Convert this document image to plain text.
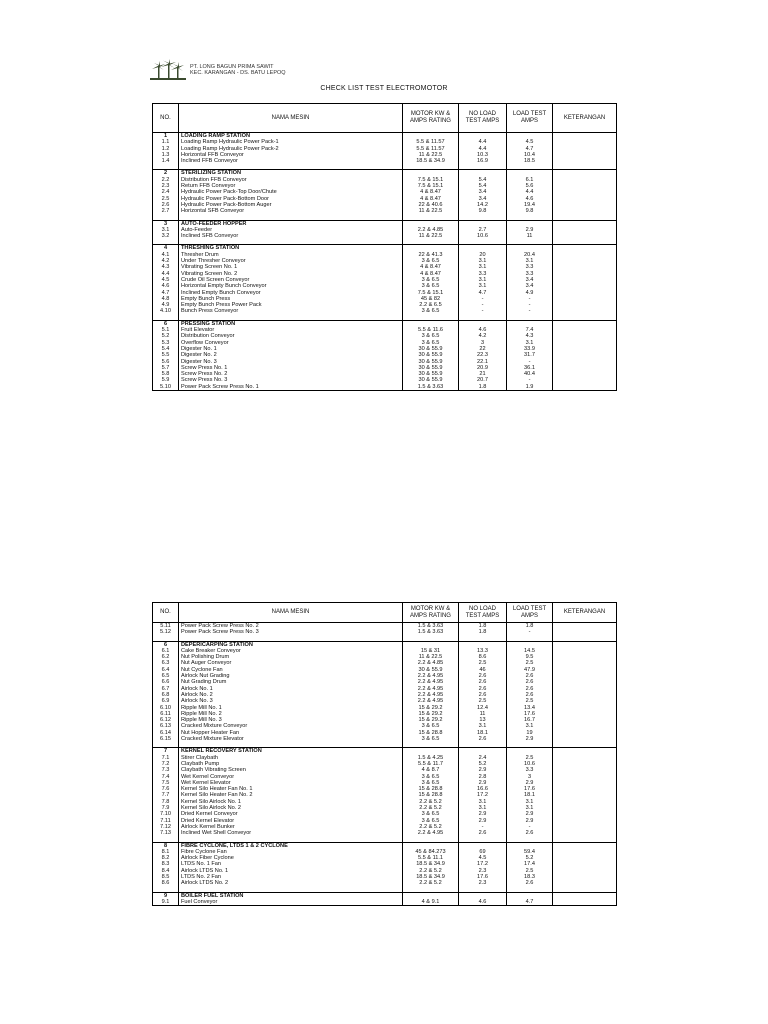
PT. LONG BAGUN PRIMA SAWIT
KEC. KARANGAN - DS. BATU LEPOQ
CHECK LIST TEST ELECTROMOTOR
NO.	NAMA MESIN	MOTOR KW & AMPS RATING	NO LOAD TEST AMPS	LOAD TEST AMPS	KETERANGAN
1	LOADING RAMP STATION				
1.1	Loading Ramp Hydraulic Power Pack-1	5.5 & 11.57	4.4	4.5	
1.2	Loading Ramp Hydraulic Power Pack-2	5.5 & 11.57	4.4	4.7	
1.3	Horizontal FFB Conveyor	11 & 22.5	10.3	10.4	
1.4	Inclined FFB Conveyor	18.5 & 34.9	16.9	18.5	

2	STERILIZING STATION				
2.2	Distribution FFB Conveyor	7.5 & 15.1	5.4	6.1	
2.3	Return FFB Conveyor	7.5 & 15.1	5.4	5.6	
2.4	Hydraulic Power Pack-Top Door/Chute	4 & 8.47	3.4	4.4	
2.5	Hydraulic Power Pack-Bottom Door	4 & 8.47	3.4	4.6	
2.6	Hydraulic Power Pack-Bottom Auger	22 & 40.6	14.2	19.4	
2.7	Horizontal SFB Conveyor	11 & 22.5	9.8	9.8	

3	AUTO-FEEDER HOPPER				
3.1	Auto-Feeder	2.2 & 4.85	2.7	2.9	
3.2	Inclined SFB Conveyor	11 & 22.5	10.6	11	

4	THRESHING STATION				
4.1	Thresher Drum	22 & 41.3	20	20.4	
4.2	Under Thresher Conveyor	3 & 6.5	3.1	3.1	
4.3	Vibrating Screen No. 1	4 & 8.47	3.1	3.3	
4.4	Vibrating Screen No. 2	4 & 8.47	3.3	3.3	
4.5	Crude Oil Screen Conveyor	3 & 6.5	3.1	3.4	
4.6	Horizontal Empty Bunch Conveyor	3 & 6.5	3.1	3.4	
4.7	Inclined Empty Bunch Conveyor	7.5 & 15.1	4.7	4.9	
4.8	Empty Bunch Press	45 & 82	-	-	
4.9	Empty Bunch Press Power Pack	2.2 & 6.5	-	-	
4.10	Bunch Press Conveyor	3 & 6.5	-	-	

6	PRESSING STATION				
5.1	Fruit Elevator	5.5 & 11.6	4.6	7.4	
5.2	Distribution Conveyor	3 & 6.5	4.2	4.3	
5.3	Overflow Conveyor	3 & 6.5	3	3.1	
5.4	Digester No. 1	30 & 55.9	22	33.9	
5.5	Digester No. 2	30 & 55.9	22.3	31.7	
5.6	Digester No. 3	30 & 55.9	22.1	-	
5.7	Screw Press No. 1	30 & 55.9	20.9	36.1	
5.8	Screw Press No. 2	30 & 55.9	21	40.4	
5.9	Screw Press No. 3	30 & 55.9	20.7	-	
5.10	Power Pack Screw Press No. 1	1.5 & 3.63	1.8	1.9	
NO.	NAMA MESIN	MOTOR KW & AMPS RATING	NO LOAD TEST AMPS	LOAD TEST AMPS	KETERANGAN
5.11	Power Pack Screw Press No. 2	1.5 & 3.63	1.8	1.8	
5.12	Power Pack Screw Press No. 3	1.5 & 3.63	1.8	-	

6	DEPERICARPING STATION				
6.1	Cake Breaker Conveyor	15 & 31	13.3	14.5	
6.2	Nut Polishing Drum	11 & 22.5	8.6	9.5	
6.3	Nut Auger Conveyor	2.2 & 4.85	2.5	2.5	
6.4	Nut Cyclone Fan	30 & 55.9	46	47.9	
6.5	Airlock Nut Grading	2.2 & 4.95	2.6	2.6	
6.6	Nut Grading Drum	2.2 & 4.95	2.6	2.6	
6.7	Airlock No. 1	2.2 & 4.95	2.6	2.6	
6.8	Airlock No. 2	2.2 & 4.95	2.6	2.6	
6.9	Airlock No. 3	2.2 & 4.95	2.5	2.5	
6.10	Ripple Mill No. 1	15 & 29.2	12.4	13.4	
6.11	Ripple Mill No. 2	15 & 29.2	11	17.6	
6.12	Ripple Mill No. 3	15 & 29.2	13	16.7	
6.13	Cracked Mixture Conveyor	3 & 6.5	3.1	3.1	
6.14	Nut Hopper Heater Fan	15 & 28.8	18.1	19	
6.15	Cracked Mixture Elevator	3 & 6.5	2.6	2.9	

7	KERNEL RECOVERY STATION				
7.1	Stirer Claybath	1.5 & 4.25	2.4	2.5	
7.2	Claybath Pump	5.5 & 11.7	5.2	10.6	
7.3	Claybath Vibrating Screen	4 & 8.7	2.9	3.3	
7.4	Wet Kernel Conveyor	3 & 6.5	2.8	3	
7.5	Wet Kernel Elevator	3 & 6.5	2.9	2.9	
7.6	Kernel Silo Heater Fan No. 1	15 & 28.8	16.6	17.6	
7.7	Kernel Silo Heater Fan No. 2	15 & 28.8	17.2	18.1	
7.8	Kernel Silo Airlock No. 1	2.2 & 5.2	3.1	3.1	
7.9	Kernel Silo Airlock No. 2	2.2 & 5.2	3.1	3.1	
7.10	Dried Kernel Conveyor	3 & 6.5	2.9	2.9	
7.11	Dried Kernel Elevator	3 & 6.5	2.9	2.9	
7.12	Airlock Kernel Bunker	2.2 & 5.2	-	-	
7.13	Inclined Wet Shell Conveyor	2.2 & 4.95	2.6	2.6	

8	FIBRE CYCLONE, LTDS 1 & 2 CYCLONE				
8.1	Fibre Cyclone Fan	45 & 84.273	69	59.4	
8.2	Airlock Fiber Cyclone	5.5 & 11.1	4.5	5.2	
8.3	LTDS No. 1 Fan	18.5 & 34.9	17.2	17.4	
8.4	Airlock LTDS No. 1	2.2 & 5.2	2.3	2.5	
8.5	LTDS No. 2 Fan	18.5 & 34.9	17.6	18.3	
8.6	Airlock LTDS No. 2	2.2 & 5.2	2.3	2.6	

9	BOILER FUEL STATION				
9.1	Fuel Conveyor	4 & 9.1	4.6	4.7	
